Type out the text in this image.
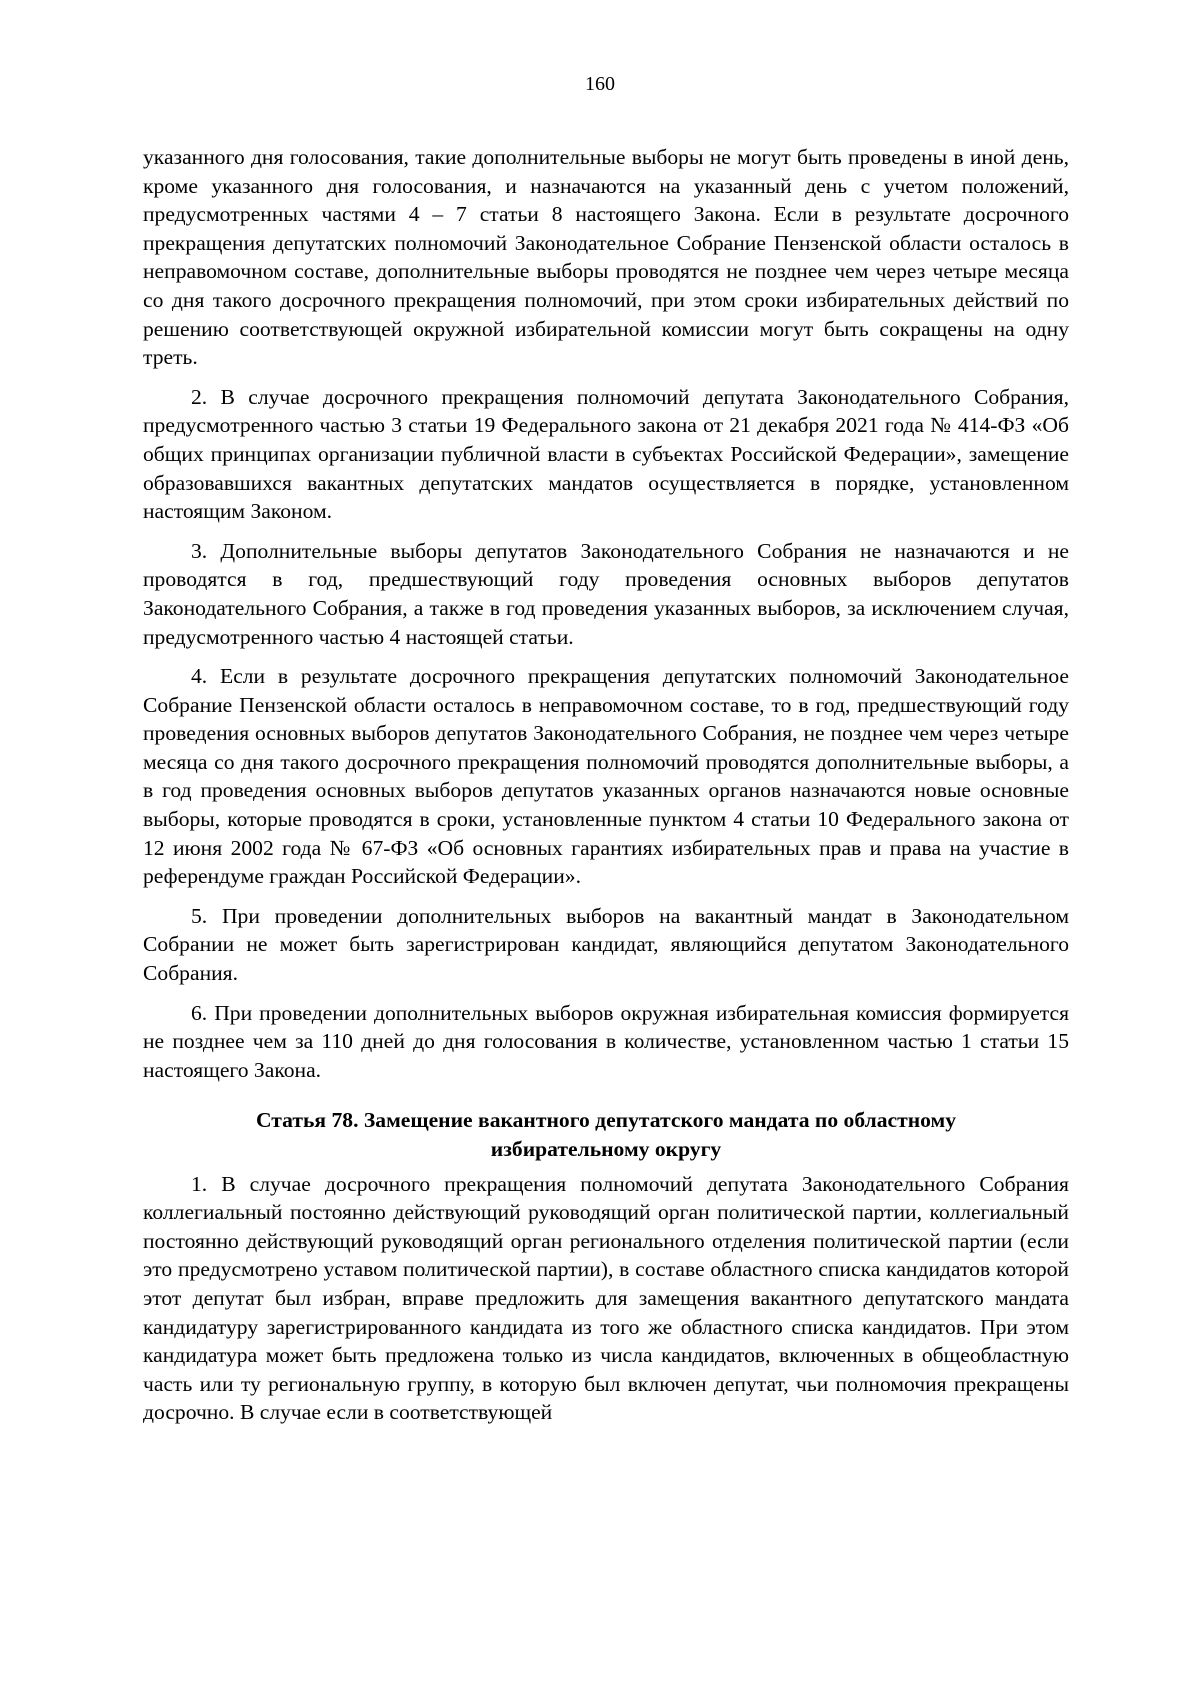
160

указанного дня голосования, такие дополнительные выборы не могут быть проведены в иной день, кроме указанного дня голосования, и назначаются на указанный день с учетом положений, предусмотренных частями 4 – 7 статьи 8 настоящего Закона. Если в результате досрочного прекращения депутатских полномочий Законодательное Собрание Пензенской области осталось в неправомочном составе, дополнительные выборы проводятся не позднее чем через четыре месяца со дня такого досрочного прекращения полномочий, при этом сроки избирательных действий по решению соответствующей окружной избирательной комиссии могут быть сокращены на одну треть.

2. В случае досрочного прекращения полномочий депутата Законодательного Собрания, предусмотренного частью 3 статьи 19 Федерального закона от 21 декабря 2021 года № 414-ФЗ «Об общих принципах организации публичной власти в субъектах Российской Федерации», замещение образовавшихся вакантных депутатских мандатов осуществляется в порядке, установленном настоящим Законом.

3. Дополнительные выборы депутатов Законодательного Собрания не назначаются и не проводятся в год, предшествующий году проведения основных выборов депутатов Законодательного Собрания, а также в год проведения указанных выборов, за исключением случая, предусмотренного частью 4 настоящей статьи.

4. Если в результате досрочного прекращения депутатских полномочий Законодательное Собрание Пензенской области осталось в неправомочном составе, то в год, предшествующий году проведения основных выборов депутатов Законодательного Собрания, не позднее чем через четыре месяца со дня такого досрочного прекращения полномочий проводятся дополнительные выборы, а в год проведения основных выборов депутатов указанных органов назначаются новые основные выборы, которые проводятся в сроки, установленные пунктом 4 статьи 10 Федерального закона от 12 июня 2002 года № 67-ФЗ «Об основных гарантиях избирательных прав и права на участие в референдуме граждан Российской Федерации».

5. При проведении дополнительных выборов на вакантный мандат в Законодательном Собрании не может быть зарегистрирован кандидат, являющийся депутатом Законодательного Собрания.

6. При проведении дополнительных выборов окружная избирательная комиссия формируется не позднее чем за 110 дней до дня голосования в количестве, установленном частью 1 статьи 15 настоящего Закона.

Статья 78. Замещение вакантного депутатского мандата по областному избирательному округу

1. В случае досрочного прекращения полномочий депутата Законодательного Собрания коллегиальный постоянно действующий руководящий орган политической партии, коллегиальный постоянно действующий руководящий орган регионального отделения политической партии (если это предусмотрено уставом политической партии), в составе областного списка кандидатов которой этот депутат был избран, вправе предложить для замещения вакантного депутатского мандата кандидатуру зарегистрированного кандидата из того же областного списка кандидатов. При этом кандидатура может быть предложена только из числа кандидатов, включенных в общеобластную часть или ту региональную группу, в которую был включен депутат, чьи полномочия прекращены досрочно. В случае если в соответствующей
